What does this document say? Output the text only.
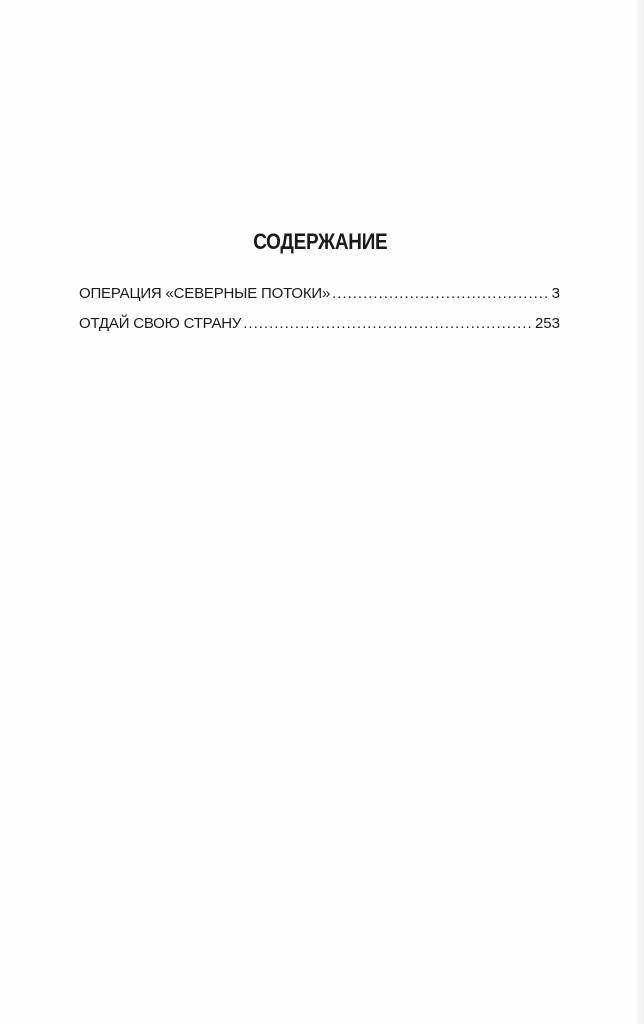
СОДЕРЖАНИЕ
ОПЕРАЦИЯ «СЕВЕРНЫЕ ПОТОКИ» .....	3
ОТДАЙ СВОЮ СТРАНУ .....	253
